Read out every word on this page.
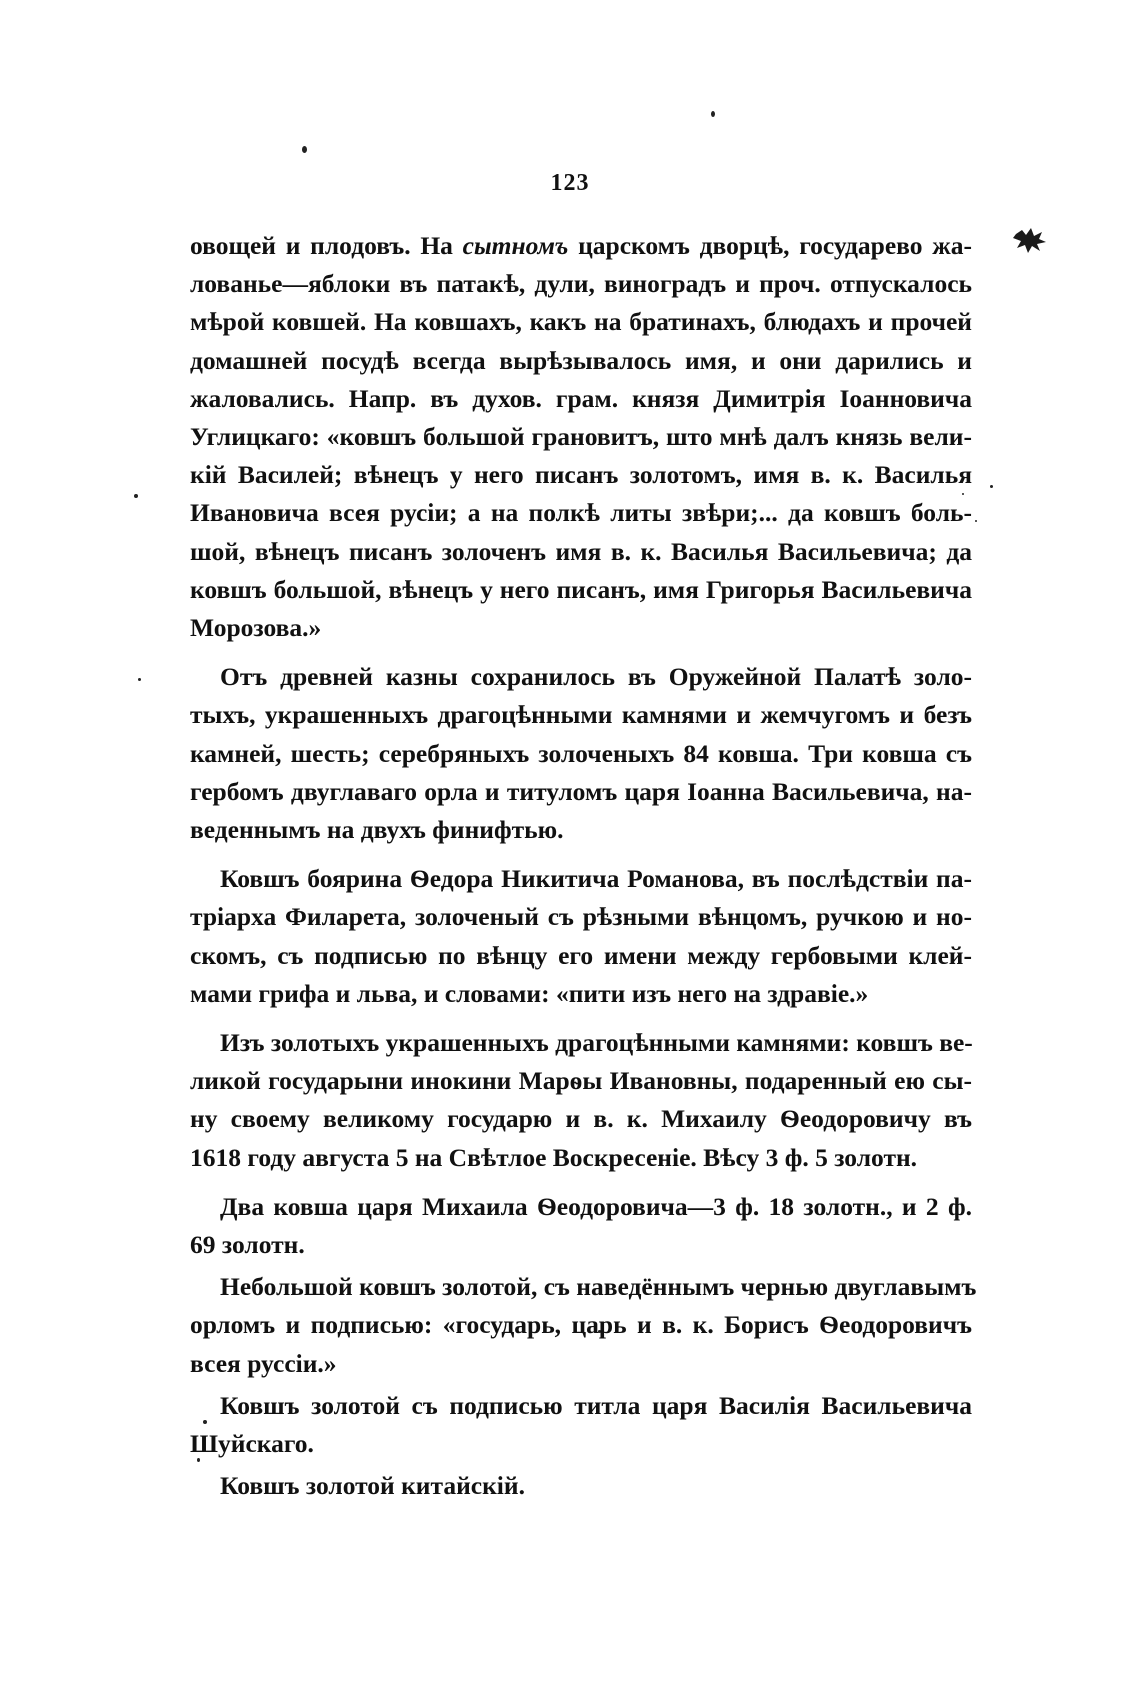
123
овощей и плодовъ. На сытномъ царскомъ дворцѣ, государево жа-
лованье—яблоки въ патакѣ, дули, виноградъ и проч. отпускалось
мѣрой ковшей. На ковшахъ, какъ на братинахъ, блюдахъ и прочей
домашней посудѣ всегда вырѣзывалось имя, и они дарились и
жаловались. Напр. въ духов. грам. князя Димитрія Іоанновича
Углицкаго: «ковшъ большой грановитъ, што мнѣ далъ князь вели-
кій Василей; вѣнецъ у него писанъ золотомъ, имя в. к. Василья
Ивановича всея русіи; а на полкѣ литы звѣри;... да ковшъ боль-
шой, вѣнецъ писанъ золоченъ имя в. к. Василья Васильевича; да
ковшъ большой, вѣнецъ у него писанъ, имя Григорья Васильевича
Морозова.»
Отъ древней казны сохранилось въ Оружейной Палатѣ золо-
тыхъ, украшенныхъ драгоцѣнными камнями и жемчугомъ и безъ
камней, шесть; серебряныхъ золоченыхъ 84 ковша. Три ковша съ
гербомъ двуглаваго орла и титуломъ царя Іоанна Васильевича, на-
веденнымъ на двухъ финифтью.
Ковшъ боярина Ѳедора Никитича Романова, въ послѣдствіи па-
тріарха Филарета, золоченый съ рѣзными вѣнцомъ, ручкою и но-
скомъ, съ подписью по вѣнцу его имени между гербовыми клей-
мами грифа и льва, и словами: «пити изъ него на здравіе.»
Изъ золотыхъ украшенныхъ драгоцѣнными камнями: ковшъ ве-
ликой государыни инокини Марѳы Ивановны, подаренный ею сы-
ну своему великому государю и в. к. Михаилу Ѳеодоровичу въ
1618 году августа 5 на Свѣтлое Воскресеніе. Вѣсу 3 ф. 5 золотн.
Два ковша царя Михаила Ѳеодоровича—3 ф. 18 золотн., и 2 ф.
69 золотн.
Небольшой ковшъ золотой, съ наведённымъ чернью двуглавымъ
орломъ и подписью: «государь, царь и в. к. Борисъ Ѳеодоровичъ
всея руссіи.»
Ковшъ золотой съ подписью титла царя Василія Васильевича
Шуйскаго.
Ковшъ золотой китайскій.
